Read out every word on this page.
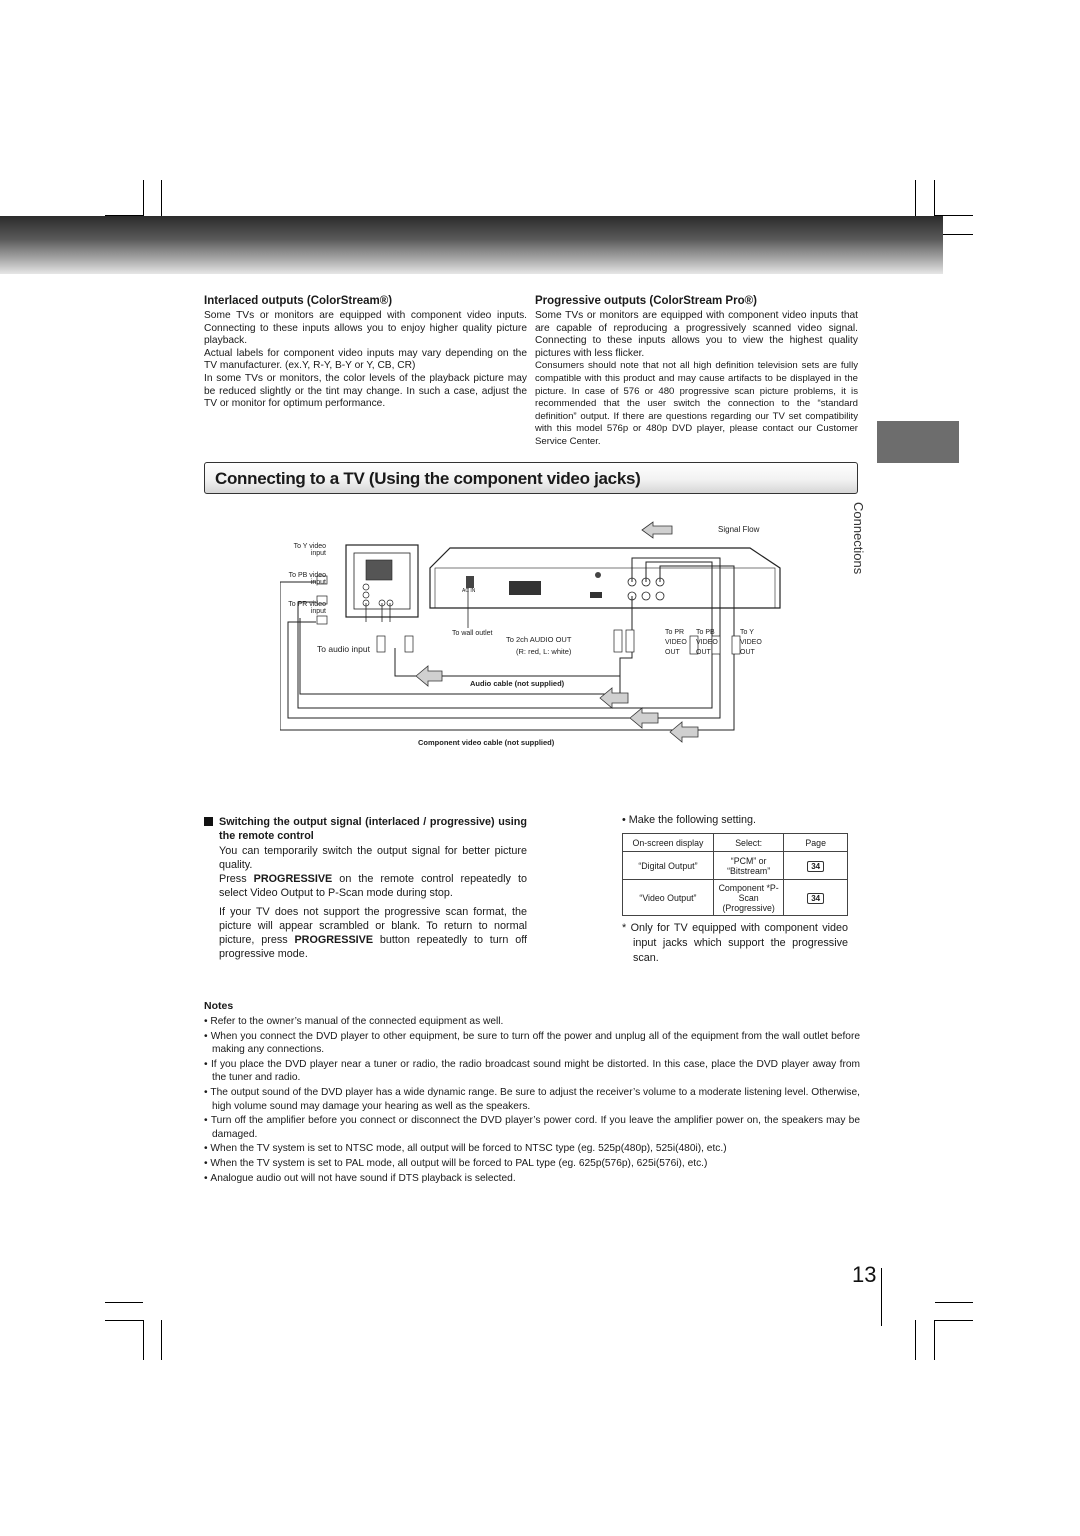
Interlaced outputs (ColorStream®)

Some TVs or monitors are equipped with component video inputs. Connecting to these inputs allows you to enjoy higher quality picture playback.

Actual labels for component video inputs may vary depending on the TV manufacturer. (ex.Y, R-Y, B-Y or Y, CB, CR)

In some TVs or monitors, the color levels of the playback picture may be reduced slightly or the tint may change. In such a case, adjust the TV or monitor for optimum performance.

Progressive outputs (ColorStream Pro®)

Some TVs or monitors are equipped with component video inputs that are capable of reproducing a progressively scanned video signal. Connecting to these inputs allows you to view the highest quality pictures with less flicker.

Consumers should note that not all high definition television sets are fully compatible with this product and may cause artifacts to be displayed in the picture. In case of 576 or 480 progressive scan picture problems, it is recommended that the user switch the connection to the “standard definition” output. If there are questions regarding our TV set compatibility with this model 576p or 480p DVD player, please contact our Customer Service Center.

Connections
Connecting to a TV (Using the component video jacks)
Signal Flow
To Y video input
To PB video input
To PR video input
To audio input
To wall outlet
AC IN
To 2ch AUDIO OUT
(R: red, L: white)
To PR
VIDEO OUT
To PB
VIDEO OUT
To Y
VIDEO OUT
Audio cable (not supplied)
Component video cable (not supplied)
Switching the output signal (interlaced / progressive) using the remote control

You can temporarily switch the output signal for better picture quality.

Press PROGRESSIVE on the remote control repeatedly to select Video Output to P-Scan mode during stop.

If your TV does not support the progressive scan format, the picture will appear scrambled or blank. To return to normal picture, press PROGRESSIVE button repeatedly to turn off progressive mode.

• Make the following setting.
On-screen display	Select:	Page
“Digital Output”	“PCM” or “Bitstream”	34
“Video Output”	Component *P-Scan (Progressive)	34
* Only for TV equipped with component video input jacks which support the progressive scan.
Notes
• Refer to the owner’s manual of the connected equipment as well.
• When you connect the DVD player to other equipment, be sure to turn off the power and unplug all of the equipment from the wall outlet before making any connections.
• If you place the DVD player near a tuner or radio, the radio broadcast sound might be distorted. In this case, place the DVD player away from the tuner and radio.
• The output sound of the DVD player has a wide dynamic range. Be sure to adjust the receiver’s volume to a moderate listening level. Otherwise, high volume sound may damage your hearing as well as the speakers.
• Turn off the amplifier before you connect or disconnect the DVD player’s power cord. If you leave the amplifier power on, the speakers may be damaged.
• When the TV system is set to NTSC mode, all output will be forced to NTSC type (eg. 525p(480p), 525i(480i), etc.)
• When the TV system is set to PAL mode, all output will be forced to PAL type (eg. 625p(576p), 625i(576i), etc.)
• Analogue audio out will not have sound if DTS playback is selected.
13
